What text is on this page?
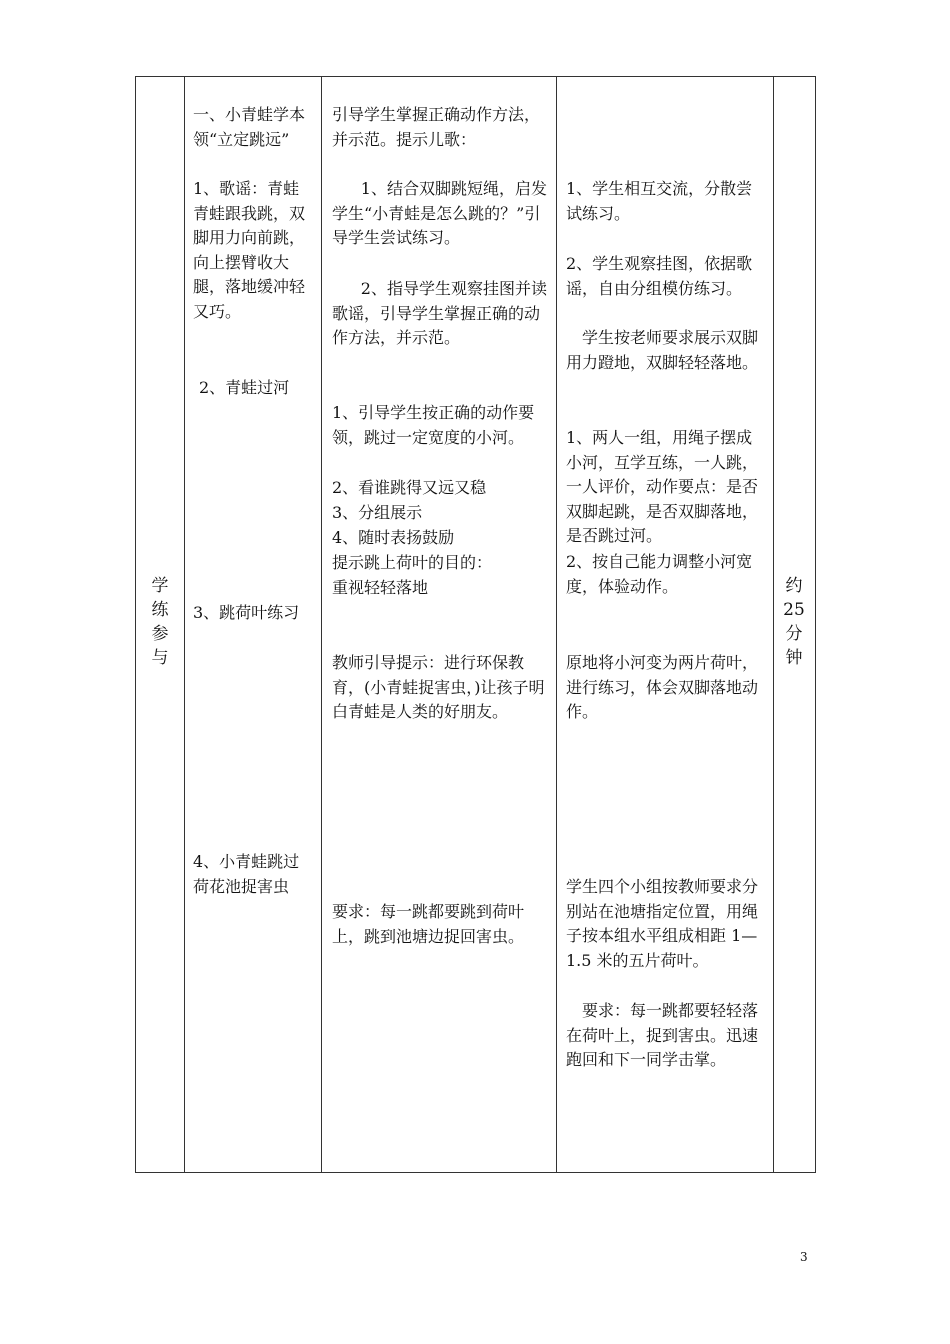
学练参与
一、小青蛙学本领“立定跳远”
1、歌谣：青蛙青蛙跟我跳，双脚用力向前跳，向上摆臂收大腿，落地缓冲轻又巧。
2、青蛙过河
3、跳荷叶练习
4、小青蛙跳过荷花池捉害虫
引导学生掌握正确动作方法，并示范。提示儿歌：
1、结合双脚跳短绳，启发学生“小青蛙是怎么跳的？”引导学生尝试练习。
2、指导学生观察挂图并读歌谣，引导学生掌握正确的动作方法，并示范。
1、引导学生按正确的动作要领，跳过一定宽度的小河。
2、看谁跳得又远又稳
3、分组展示
4、随时表扬鼓励
提示跳上荷叶的目的：
重视轻轻落地
教师引导提示：进行环保教育，(小青蛙捉害虫，)让孩子明白青蛙是人类的好朋友。
要求：每一跳都要跳到荷叶上，跳到池塘边捉回害虫。
1、学生相互交流，分散尝试练习。
2、学生观察挂图，依据歌谣，自由分组模仿练习。
学生按老师要求展示双脚用力蹬地，双脚轻轻落地。
1、两人一组，用绳子摆成小河，互学互练，一人跳，一人评价，动作要点：是否双脚起跳，是否双脚落地，是否跳过河。
2、按自己能力调整小河宽度，体验动作。
原地将小河变为两片荷叶，进行练习，体会双脚落地动作。
学生四个小组按教师要求分别站在池塘指定位置，用绳子按本组水平组成相距 1—1.5 米的五片荷叶。
要求：每一跳都要轻轻落在荷叶上，捉到害虫。迅速跑回和下一同学击掌。
约25分钟
3
